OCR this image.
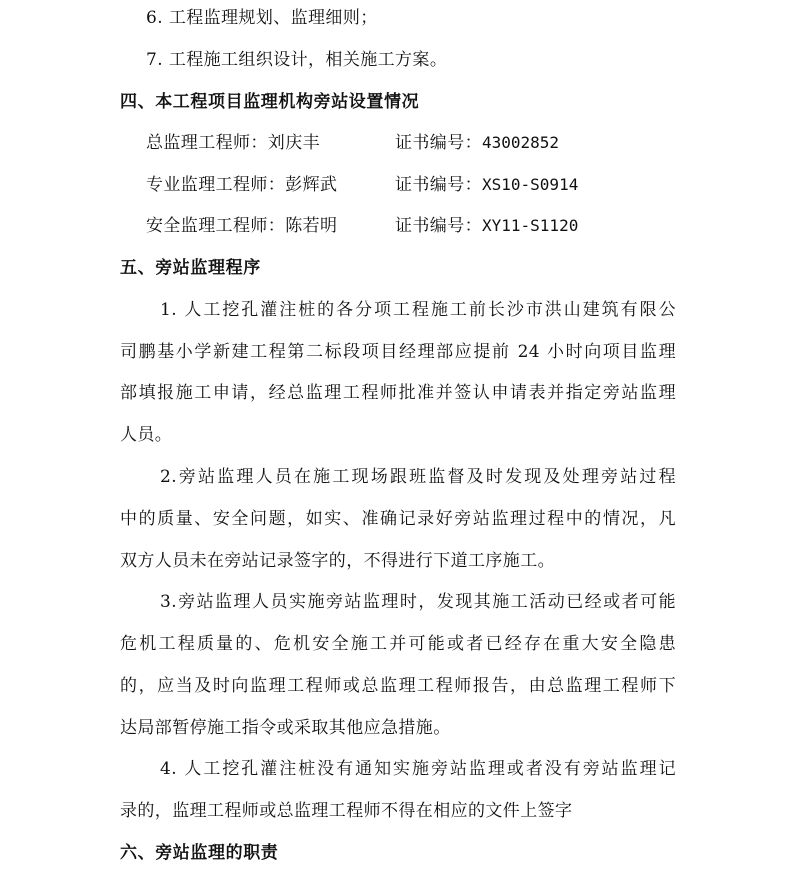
6. 工程监理规划、监理细则；
7. 工程施工组织设计，相关施工方案。
四、本工程项目监理机构旁站设置情况
总监理工程师：刘庆丰	证书编号：43002852
专业监理工程师：彭辉武	证书编号：XS10-S0914
安全监理工程师：陈若明	证书编号：XY11-S1120
五、旁站监理程序
1. 人工挖孔灌注桩的各分项工程施工前长沙市洪山建筑有限公
司鹏基小学新建工程第二标段项目经理部应提前 24 小时向项目监理
部填报施工申请，经总监理工程师批准并签认申请表并指定旁站监理
人员。
2.旁站监理人员在施工现场跟班监督及时发现及处理旁站过程
中的质量、安全问题，如实、准确记录好旁站监理过程中的情况，凡
双方人员未在旁站记录签字的，不得进行下道工序施工。
3.旁站监理人员实施旁站监理时，发现其施工活动已经或者可能
危机工程质量的、危机安全施工并可能或者已经存在重大安全隐患
的，应当及时向监理工程师或总监理工程师报告，由总监理工程师下
达局部暂停施工指令或采取其他应急措施。
4. 人工挖孔灌注桩没有通知实施旁站监理或者没有旁站监理记
录的，监理工程师或总监理工程师不得在相应的文件上签字
六、旁站监理的职责
